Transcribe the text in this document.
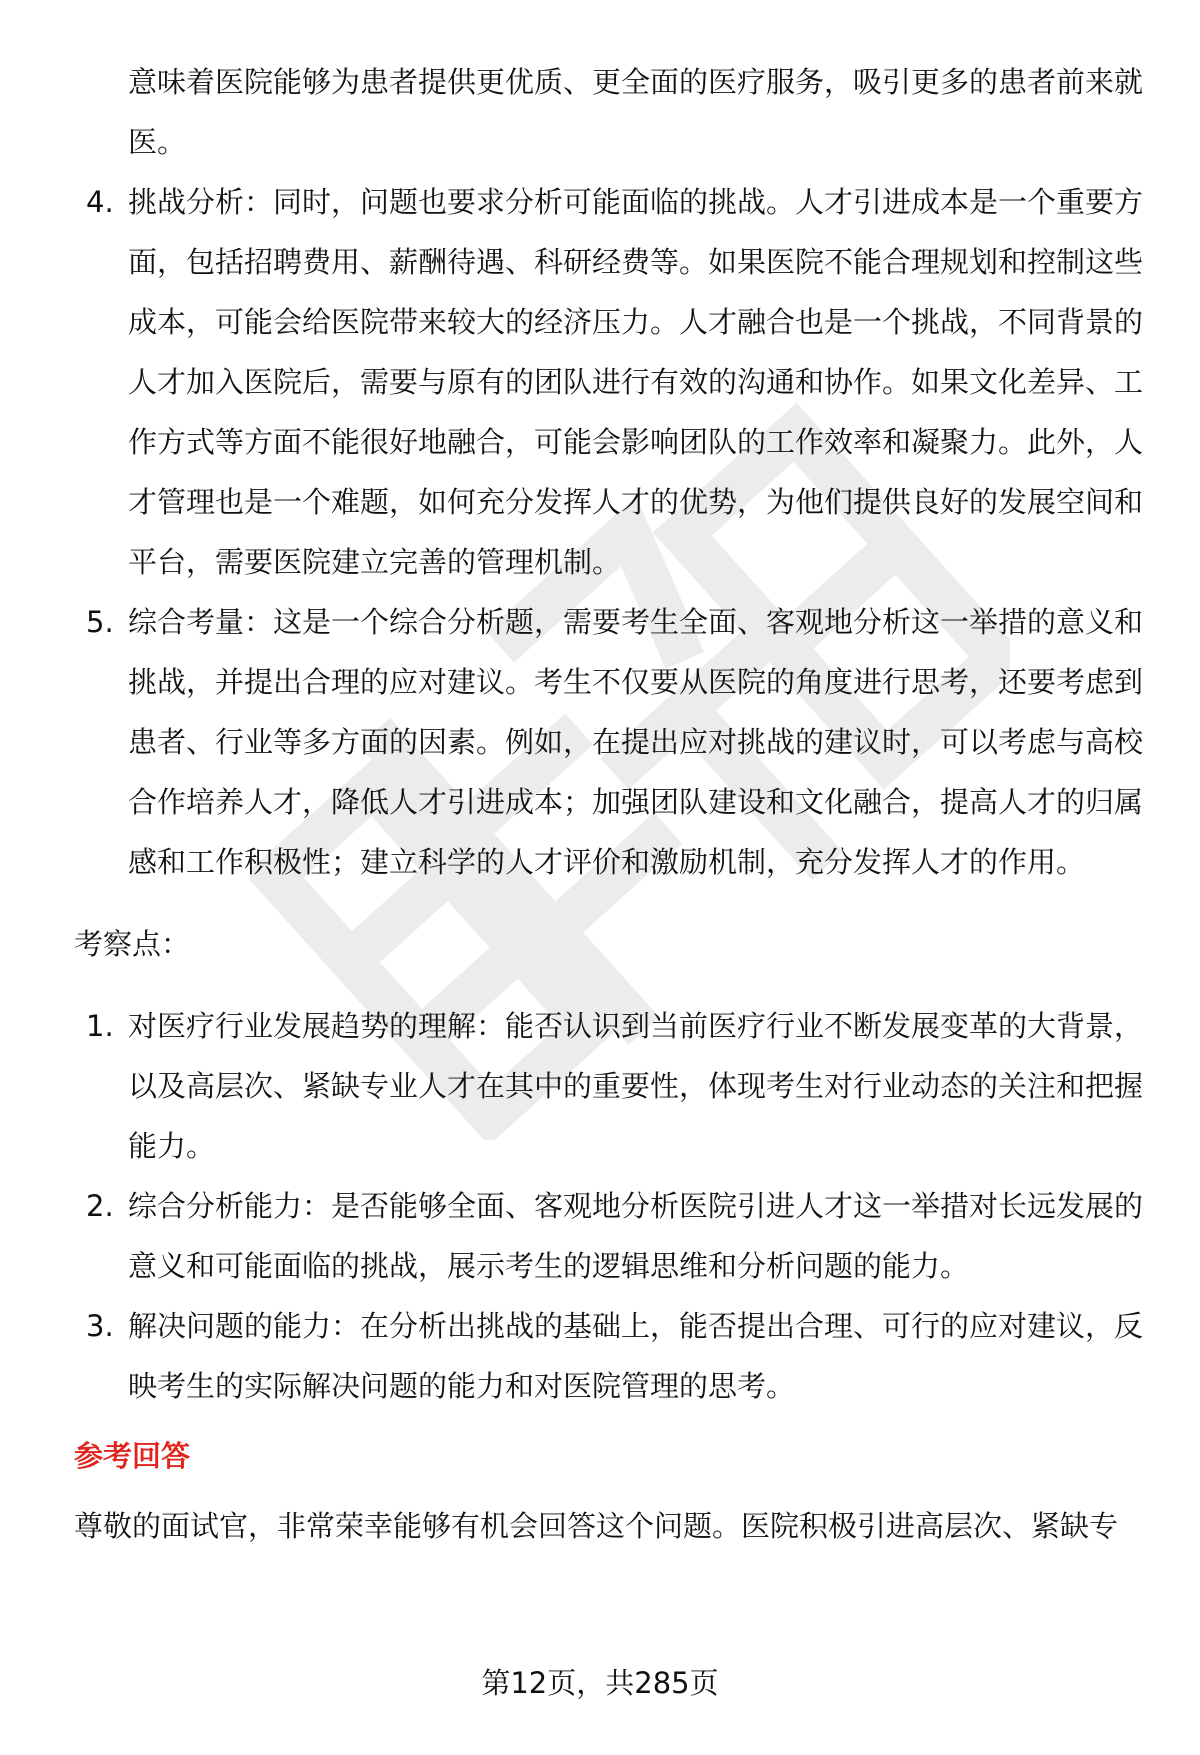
意味着医院能够为患者提供更优质、更全面的医疗服务，吸引更多的患者前来就医。
4. 挑战分析：同时，问题也要求分析可能面临的挑战。人才引进成本是一个重要方面，包括招聘费用、薪酬待遇、科研经费等。如果医院不能合理规划和控制这些成本，可能会给医院带来较大的经济压力。人才融合也是一个挑战，不同背景的人才加入医院后，需要与原有的团队进行有效的沟通和协作。如果文化差异、工作方式等方面不能很好地融合，可能会影响团队的工作效率和凝聚力。此外，人才管理也是一个难题，如何充分发挥人才的优势，为他们提供良好的发展空间和平台，需要医院建立完善的管理机制。
5. 综合考量：这是一个综合分析题，需要考生全面、客观地分析这一举措的意义和挑战，并提出合理的应对建议。考生不仅要从医院的角度进行思考，还要考虑到患者、行业等多方面的因素。例如，在提出应对挑战的建议时，可以考虑与高校合作培养人才，降低人才引进成本；加强团队建设和文化融合，提高人才的归属感和工作积极性；建立科学的人才评价和激励机制，充分发挥人才的作用。
考察点：
1. 对医疗行业发展趋势的理解：能否认识到当前医疗行业不断发展变革的大背景，以及高层次、紧缺专业人才在其中的重要性，体现考生对行业动态的关注和把握能力。
2. 综合分析能力：是否能够全面、客观地分析医院引进人才这一举措对长远发展的意义和可能面临的挑战，展示考生的逻辑思维和分析问题的能力。
3. 解决问题的能力：在分析出挑战的基础上，能否提出合理、可行的应对建议，反映考生的实际解决问题的能力和对医院管理的思考。
参考回答
尊敬的面试官，非常荣幸能够有机会回答这个问题。医院积极引进高层次、紧缺专
第12页，共285页
